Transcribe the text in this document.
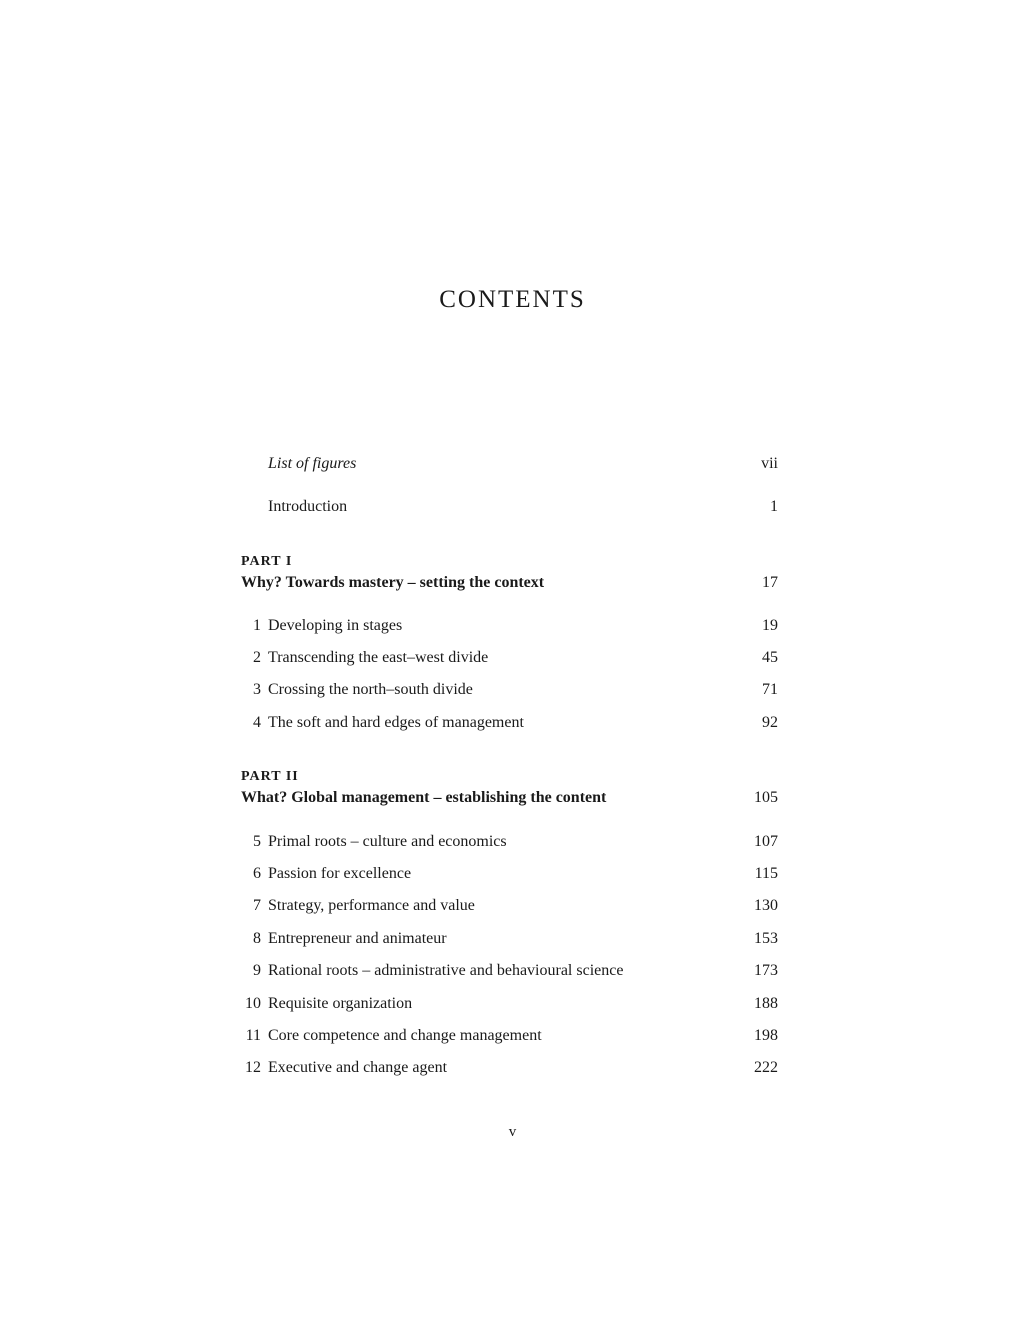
CONTENTS
List of figures	vii
Introduction	1
PART I
Why? Towards mastery – setting the context	17
1 Developing in stages	19
2 Transcending the east–west divide	45
3 Crossing the north–south divide	71
4 The soft and hard edges of management	92
PART II
What? Global management – establishing the content	105
5 Primal roots – culture and economics	107
6 Passion for excellence	115
7 Strategy, performance and value	130
8 Entrepreneur and animateur	153
9 Rational roots – administrative and behavioural science	173
10 Requisite organization	188
11 Core competence and change management	198
12 Executive and change agent	222
v
